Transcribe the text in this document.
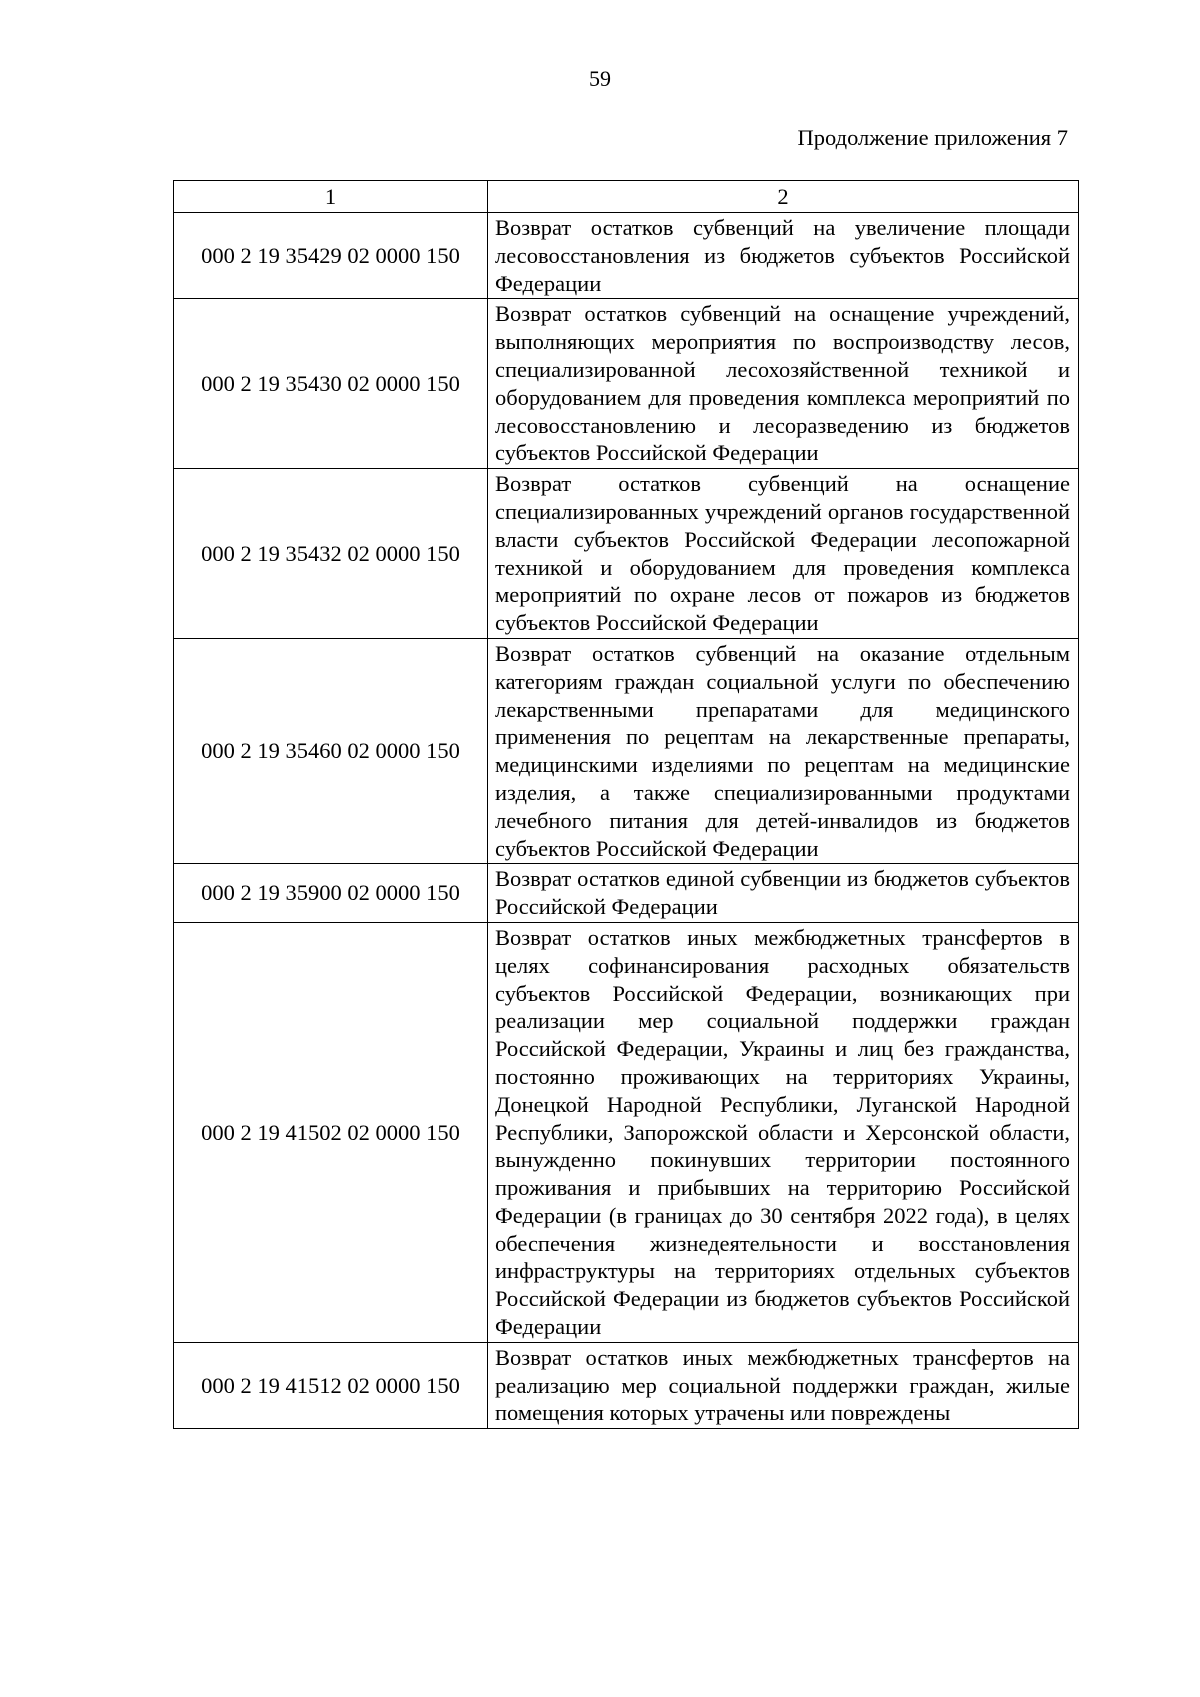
59
Продолжение приложения 7
1	2
000 2 19 35429 02 0000 150	Возврат остатков субвенций на увеличение площади лесовосстановления из бюджетов субъектов Российской Федерации
000 2 19 35430 02 0000 150	Возврат остатков субвенций на оснащение учреждений, выполняющих мероприятия по воспроизводству лесов, специализированной лесохозяйственной техникой и оборудованием для проведения комплекса мероприятий по лесовосстановлению и лесоразведению из бюджетов субъектов Российской Федерации
000 2 19 35432 02 0000 150	Возврат остатков субвенций на оснащение специализированных учреждений органов государственной власти субъектов Российской Федерации лесопожарной техникой и оборудованием для проведения комплекса мероприятий по охране лесов от пожаров из бюджетов субъектов Российской Федерации
000 2 19 35460 02 0000 150	Возврат остатков субвенций на оказание отдельным категориям граждан социальной услуги по обеспечению лекарственными препаратами для медицинского применения по рецептам на лекарственные препараты, медицинскими изделиями по рецептам на медицинские изделия, а также специализированными продуктами лечебного питания для детей-инвалидов из бюджетов субъектов Российской Федерации
000 2 19 35900 02 0000 150	Возврат остатков единой субвенции из бюджетов субъектов Российской Федерации
000 2 19 41502 02 0000 150	Возврат остатков иных межбюджетных трансфертов в целях софинансирования расходных обязательств субъектов Российской Федерации, возникающих при реализации мер социальной поддержки граждан Российской Федерации, Украины и лиц без гражданства, постоянно проживающих на территориях Украины, Донецкой Народной Республики, Луганской Народной Республики, Запорожской области и Херсонской области, вынужденно покинувших территории постоянного проживания и прибывших на территорию Российской Федерации (в границах до 30 сентября 2022 года), в целях обеспечения жизнедеятельности и восстановления инфраструктуры на территориях отдельных субъектов Российской Федерации из бюджетов субъектов Российской Федерации
000 2 19 41512 02 0000 150	Возврат остатков иных межбюджетных трансфертов на реализацию мер социальной поддержки граждан, жилые помещения которых утрачены или повреждены
